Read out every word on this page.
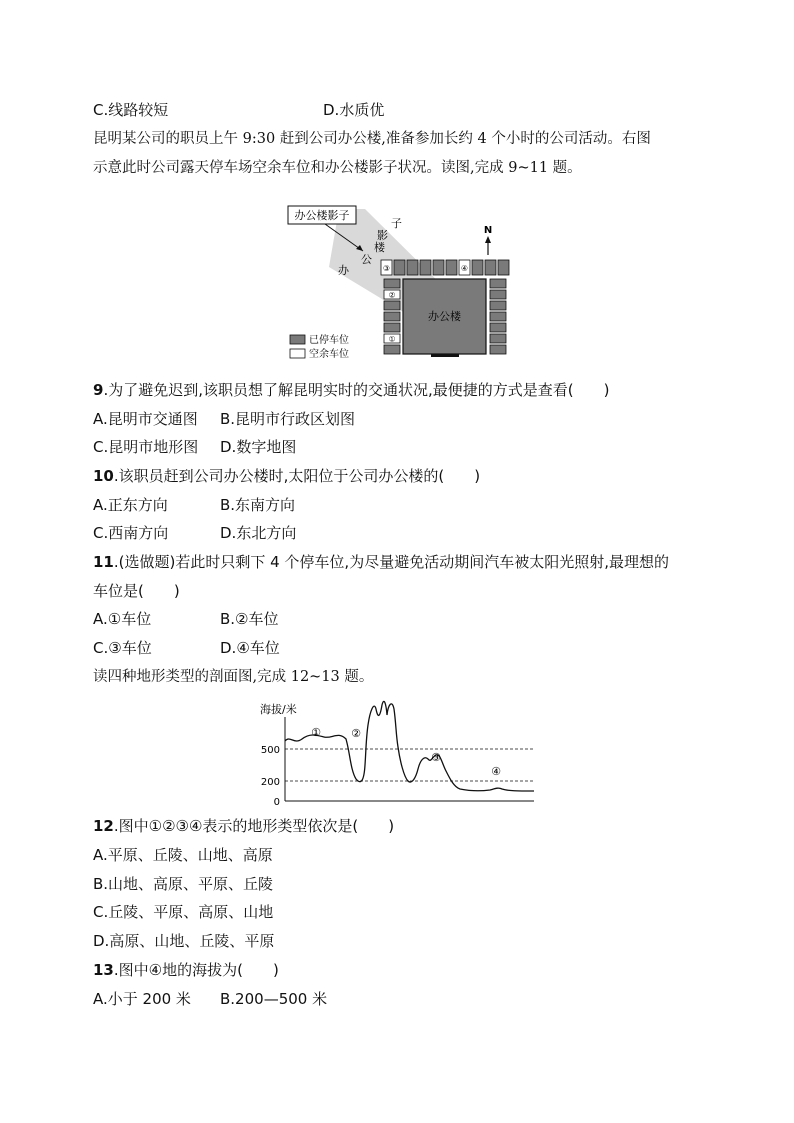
C.线路较短	D.水质优
昆明某公司的职员上午 9:30 赶到公司办公楼,准备参加长约 4 个小时的公司活动。右图
示意此时公司露天停车场空余车位和办公楼影子状况。读图,完成 9~11 题。
办公楼影子
子
影
楼
公
办
N
③	④
②
①
办公楼
已停车位
空余车位
9.为了避免迟到,该职员想了解昆明实时的交通状况,最便捷的方式是查看(　　)
A.昆明市交通图 B.昆明市行政区划图
C.昆明市地形图 D.数字地图
10.该职员赶到公司办公楼时,太阳位于公司办公楼的(　　)
A.正东方向	B.东南方向
C.西南方向	D.东北方向
11.(选做题)若此时只剩下 4 个停车位,为尽量避免活动期间汽车被太阳光照射,最理想的
车位是(　　)
A.①车位	B.②车位
C.③车位	D.④车位
读四种地形类型的剖面图,完成 12~13 题。
海拔/米
500
200
0
①	②
③
④
12.图中①②③④表示的地形类型依次是(　　)
A.平原、丘陵、山地、高原
B.山地、高原、平原、丘陵
C.丘陵、平原、高原、山地
D.高原、山地、丘陵、平原
13.图中④地的海拔为(　　)
A.小于 200 米 B.200—500 米
